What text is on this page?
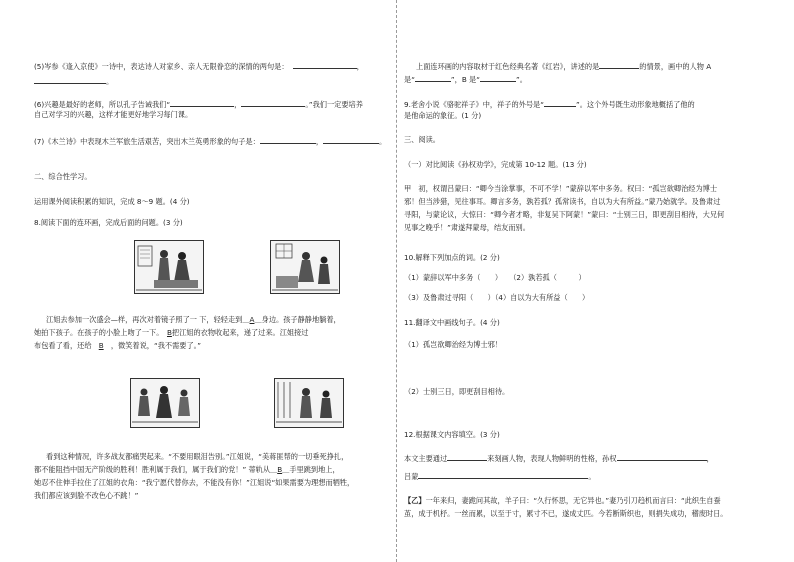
(5)岑参《逢入京使》一诗中，表达诗人对家乡、亲人无限眷恋的深情的两句是：	，
。
(6)兴趣是最好的老师，所以孔子告诫我们“	，	。”我们一定要培养
自己对学习的兴趣，这样才能更好地学习每门课。
(7)《木兰诗》中表现木兰军旅生活艰苦，突出木兰英勇形象的句子是：	，	。
二、综合性学习。
运用课外阅读积累的知识，完成 8～9 题。(4 分)
8.阅读下面的连环画，完成后面的问题。(3 分)
江姐去参加一次盛会—样，再次对着镜子照了一 下，轻轻走到＿A＿身边。孩子静静地躺着，
她拍下孩子。在孩子的小脸上吻了一下。　 B把江姐的衣物收起来，递了过来。江姐接过
布包看了看，还给　 B　 ，微笑着说，“我不需要了。”
看到这种情况，许多战友都痛哭起来。“不要用眼泪告别。”江姐说，“美蒋匪帮的一切垂死挣扎，
都不能阻挡中国无产阶级的胜利！胜利属于我们，属于我们的党！” 蒂轨从＿B＿手里跳到地上，
她忍不住伸手拉住了江姐的衣角：“我宁愿代替你去，不能没有你！”江姐说“如果需要为理想而牺牲，
我们都应该到脸不改色心不跳！”
上面连环画的内容取材于红色经典名著《红岩》，讲述的是	的情景，画中的人物 A
是“	”，B 是“	”。
9.老舍小说《骆驼祥子》中，祥子的外号是“	”。这个外号既生动形象地概括了他的
是他命运的象征。(1 分)
三、阅读。
（一）对比阅读《孙权劝学》，完成第 10-12 题。(13 分)
甲　初，权谓吕蒙曰：“卿今当涂掌事，不可不学！”蒙辞以军中多务。权曰：“孤岂欲卿治经为博士
邪！但当涉猎，见往事耳。卿言多务，孰若孤？孤常读书，自以为大有所益。”蒙乃始就学。及鲁肃过
寻阳，与蒙论议，大惊曰：“卿今者才略，非复吴下阿蒙！”蒙曰：“士别三日，即更刮目相待，大兄何
见事之晚乎！”肃遂拜蒙母，结友而别。
10.解释下列加点的词。(2 分)
（1）蒙辞以军中多务（　　）　　 （2）孰若孤（　　　）
（3）及鲁肃过寻阳（　　）（4）自以为大有所益（　　）
11.翻译文中画线句子。(4 分)
（1）孤岂欲卿治经为博士邪！
（2）士别三日，即更刮目相待。
12.根据课文内容填空。(3 分)
本文主要通过	来刻画人物，表现人物鲜明的性格，孙权	，
吕蒙	。
【乙】一年来归，妻跪问其故，羊子曰：“久行怀思，无它异也。”妻乃引刀趋机而言曰：“此织生自蚕
茧，成于机杼。一丝而累，以至于寸，累寸不已，遂成丈匹。今若断斯织也，则捐失成功，稽废时日。
